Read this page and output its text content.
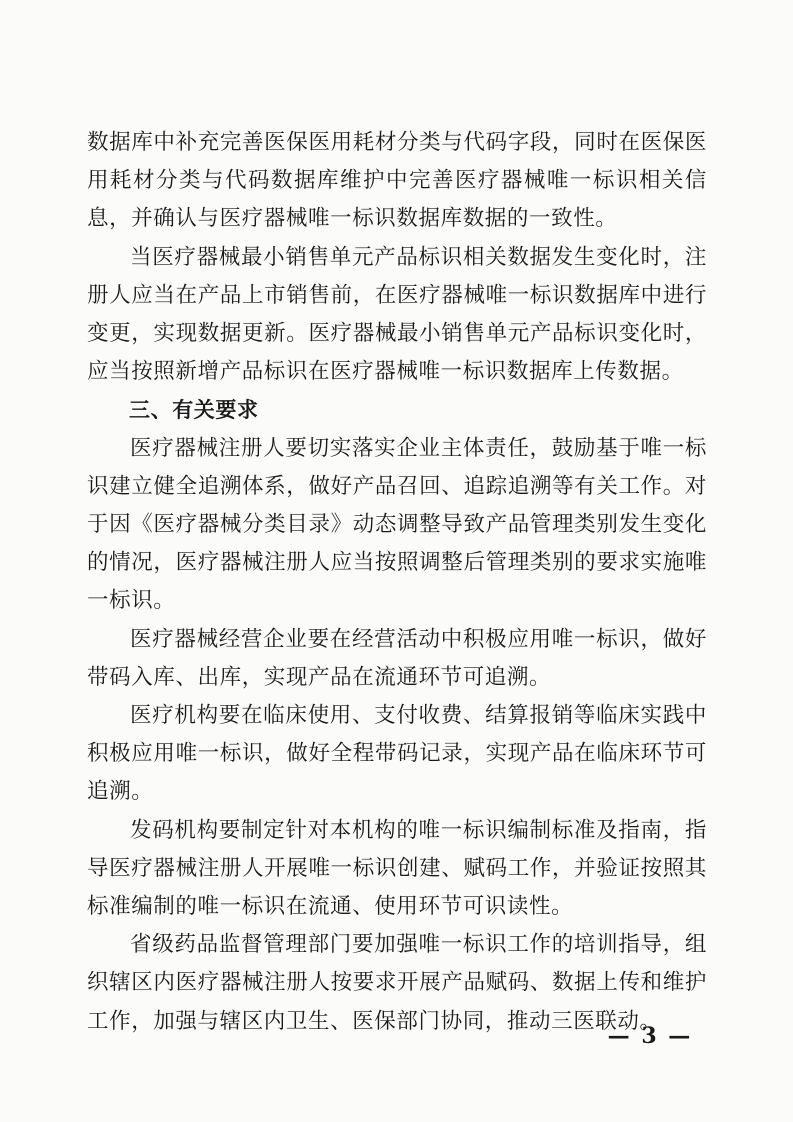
数据库中补充完善医保医用耗材分类与代码字段，同时在医保医用耗材分类与代码数据库维护中完善医疗器械唯一标识相关信息，并确认与医疗器械唯一标识数据库数据的一致性。

当医疗器械最小销售单元产品标识相关数据发生变化时，注册人应当在产品上市销售前，在医疗器械唯一标识数据库中进行变更，实现数据更新。医疗器械最小销售单元产品标识变化时，应当按照新增产品标识在医疗器械唯一标识数据库上传数据。

三、有关要求

医疗器械注册人要切实落实企业主体责任，鼓励基于唯一标识建立健全追溯体系，做好产品召回、追踪追溯等有关工作。对于因《医疗器械分类目录》动态调整导致产品管理类别发生变化的情况，医疗器械注册人应当按照调整后管理类别的要求实施唯一标识。

医疗器械经营企业要在经营活动中积极应用唯一标识，做好带码入库、出库，实现产品在流通环节可追溯。

医疗机构要在临床使用、支付收费、结算报销等临床实践中积极应用唯一标识，做好全程带码记录，实现产品在临床环节可追溯。

发码机构要制定针对本机构的唯一标识编制标准及指南，指导医疗器械注册人开展唯一标识创建、赋码工作，并验证按照其标准编制的唯一标识在流通、使用环节可识读性。

省级药品监督管理部门要加强唯一标识工作的培训指导，组织辖区内医疗器械注册人按要求开展产品赋码、数据上传和维护工作，加强与辖区内卫生、医保部门协同，推动三医联动。

— 3 —
